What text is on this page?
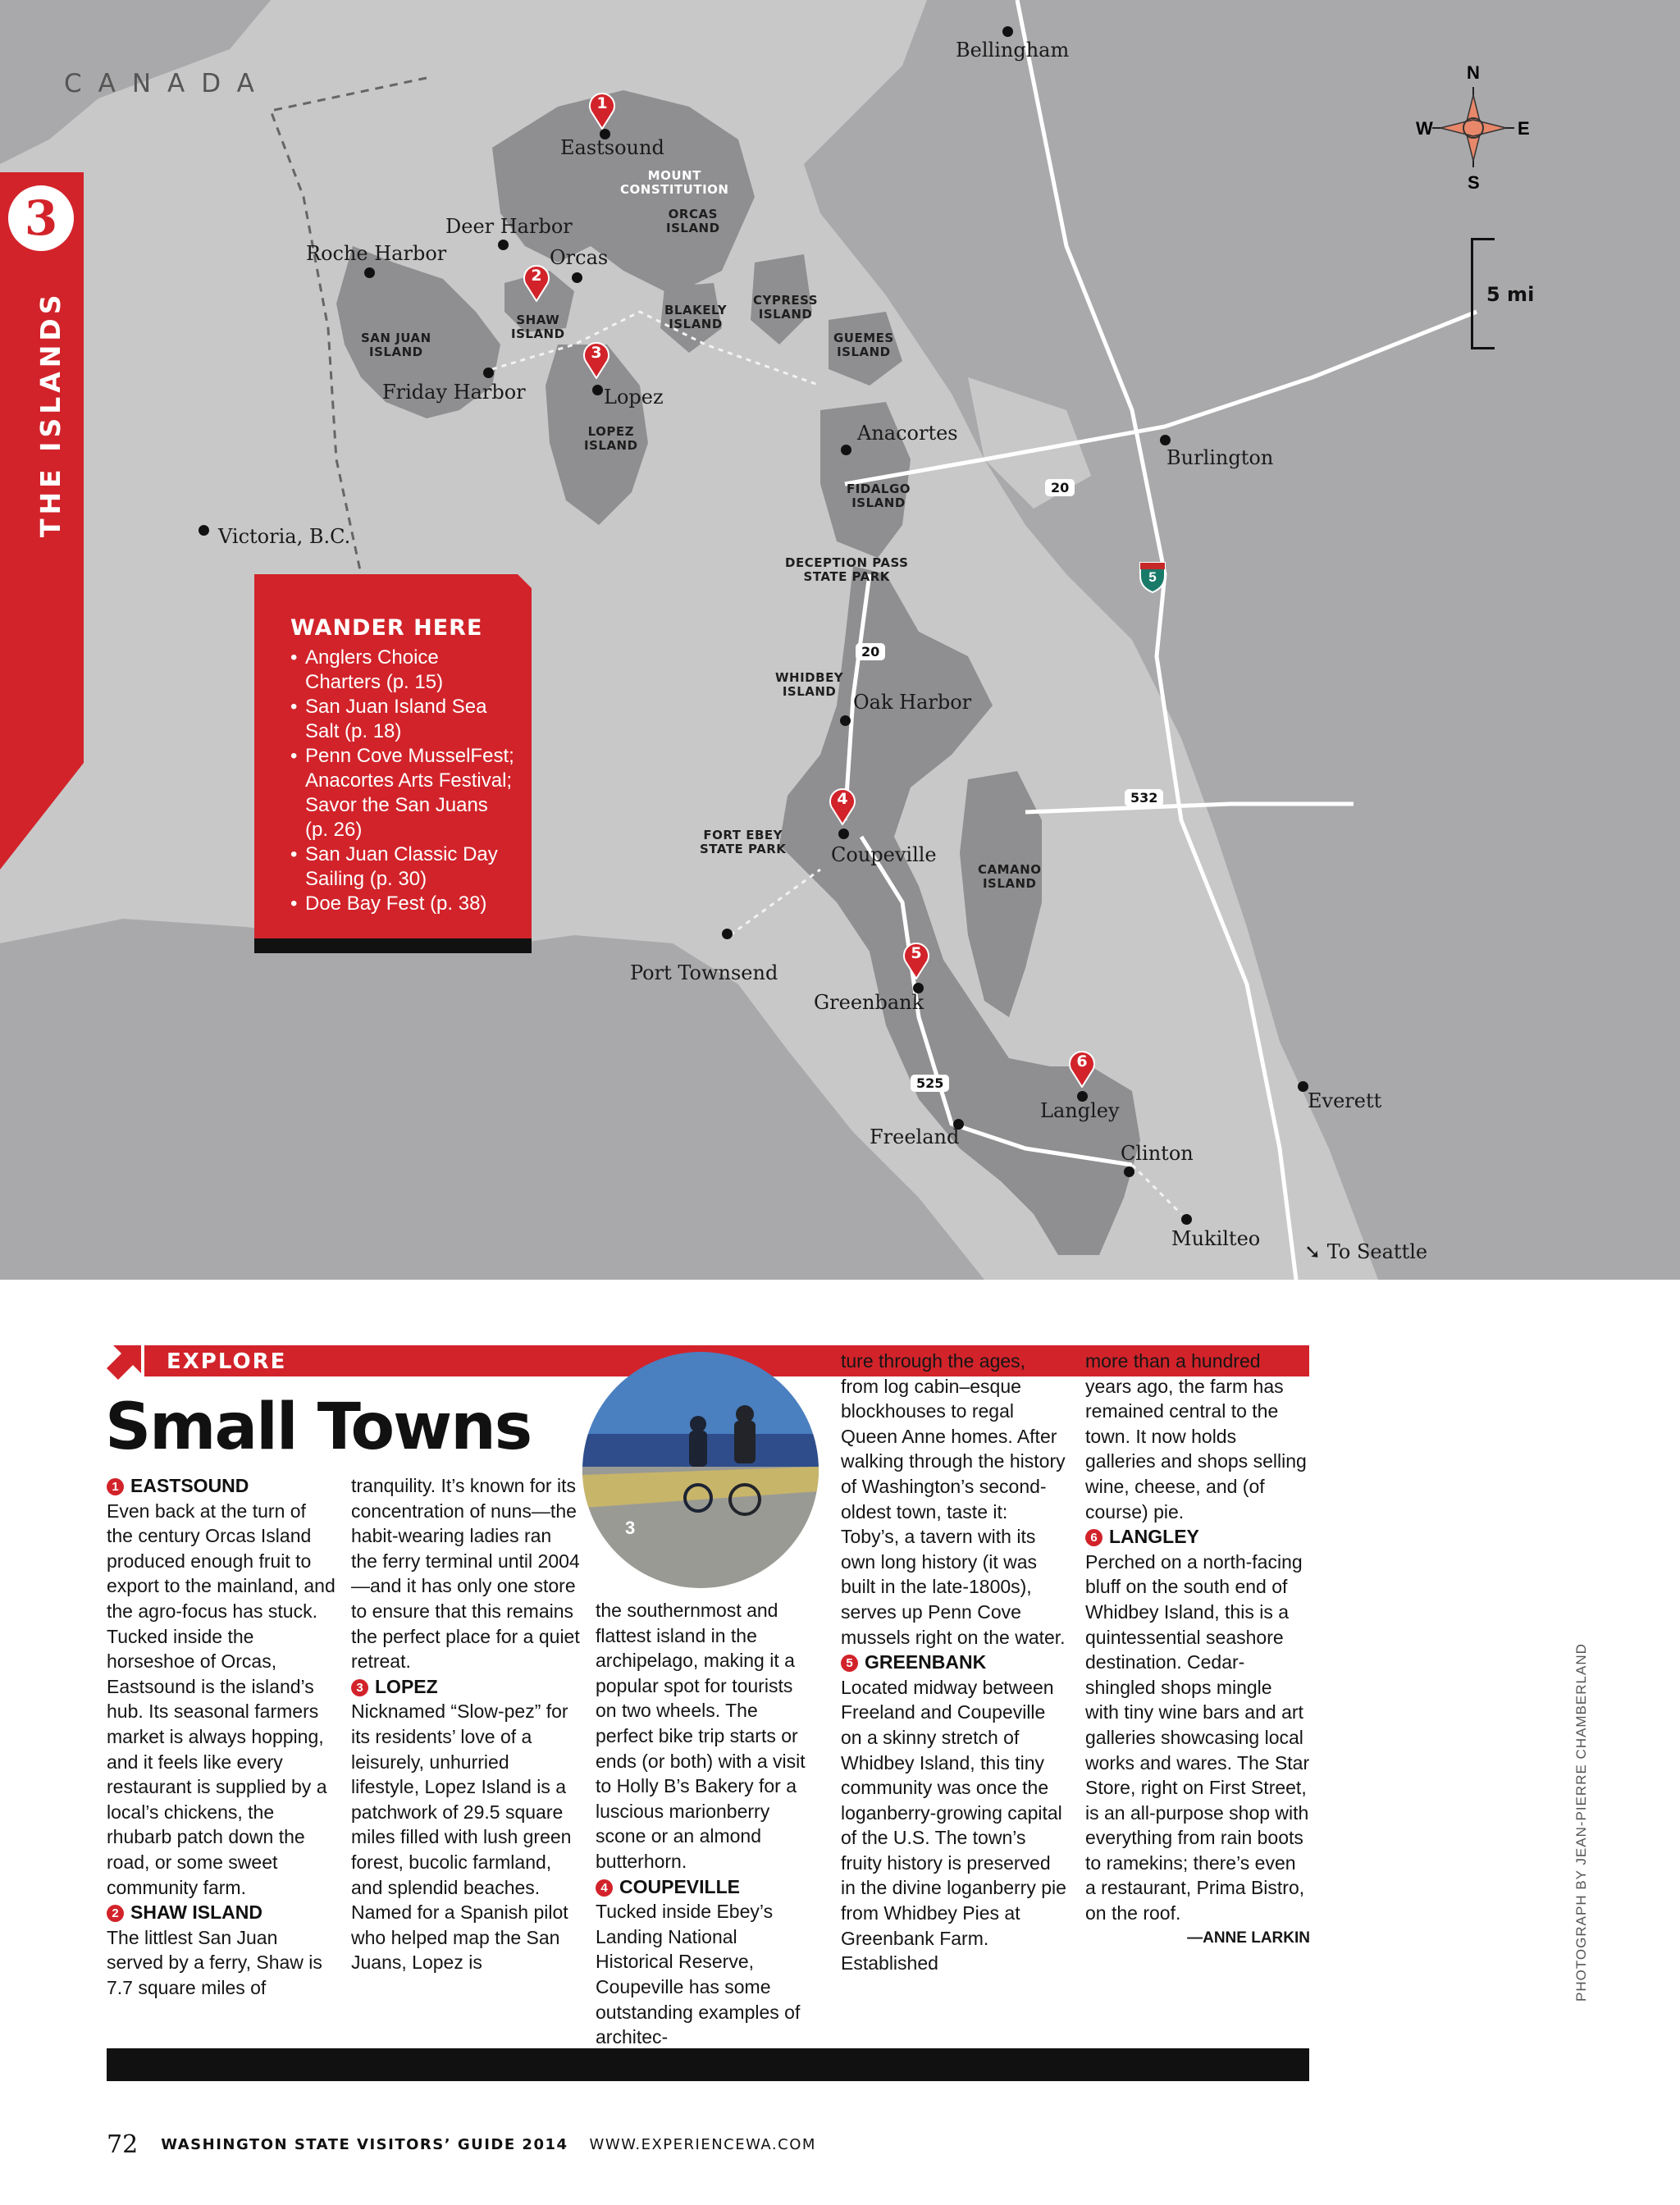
CANADA	N
S
W	E
5 mi
Bellingham
Eastsound
MOUNT
CONSTITUTION
ORCAS
ISLAND
Deer Harbor
Orcas
Roche Harbor
SHAW
ISLAND
SAN JUAN
ISLAND
BLAKELY
ISLAND
CYPRESS
ISLAND
GUEMES
ISLAND
Friday Harbor	Lopez
LOPEZ
ISLAND
Anacortes
Burlington
FIDALGO
ISLAND
Victoria, B.C.
DECEPTION PASS
STATE PARK
WHIDBEY
ISLAND Oak Harbor
FORT EBEY
STATE PARK Coupeville
CAMANO
ISLAND
Port Townsend
Greenbank
Langley	Everett
Freeland
Clinton
Mukilteo
➘ To Seattle
20
20
532
525
5
1
2
3
4
5
6
3
WANDER HERE
• Anglers Choice Charters (p. 15)
• San Juan Island Sea Salt (p. 18)
• Penn Cove MusselFest; Anacortes Arts Festival; Savor the San Juans (p. 26)
• San Juan Classic Day Sailing (p. 30)
• Doe Bay Fest (p. 38)
EXPLORE
Small Towns
3

1 EASTSOUND

Even back at the turn of the century Orcas Island produced enough fruit to export to the mainland, and the agro-focus has stuck. Tucked inside the horseshoe of Orcas, Eastsound is the island’s hub. Its seasonal farmers market is always hopping, and it feels like every restaurant is supplied by a local’s chickens, the rhubarb patch down the road, or some sweet community farm.

2 SHAW ISLAND

The littlest San Juan served by a ferry, Shaw is 7.7 square miles of

tranquility. It’s known for its concentration of nuns—the habit-wearing ladies ran the ferry terminal until 2004—and it has only one store to ensure that this remains the perfect place for a quiet retreat.

3 LOPEZ

Nicknamed “Slow-pez” for its residents’ love of a leisurely, unhurried lifestyle, Lopez Island is a patchwork of 29.5 square miles filled with lush green forest, bucolic farmland, and splendid beaches. Named for a Spanish pilot who helped map the San Juans, Lopez is

the southernmost and flattest island in the archipelago, making it a popular spot for tourists on two wheels. The perfect bike trip starts or ends (or both) with a visit to Holly B’s Bakery for a luscious marionberry scone or an almond butterhorn.

4 COUPEVILLE

Tucked inside Ebey’s Landing National Historical Reserve, Coupeville has some outstanding examples of architec-

ture through the ages, from log cabin–esque blockhouses to regal Queen Anne homes. After walking through the history of Washington’s second-oldest town, taste it: Toby’s, a tavern with its own long history (it was built in the late-1800s), serves up Penn Cove mussels right on the water.

5 GREENBANK

Located midway between Freeland and Coupeville on a skinny stretch of Whidbey Island, this tiny community was once the loganberry-growing capital of the U.S. The town’s fruity history is preserved in the divine loganberry pie from Whidbey Pies at Greenbank Farm. Established

more than a hundred years ago, the farm has remained central to the town. It now holds galleries and shops selling wine, cheese, and (of course) pie.

6 LANGLEY

Perched on a north-facing bluff on the south end of Whidbey Island, this is a quintessential seashore destination. Cedar-shingled shops mingle with tiny wine bars and art galleries showcasing local works and wares. The Star Store, right on First Street, is an all-purpose shop with everything from rain boots to ramekins; there’s even a restaurant, Prima Bistro, on the roof.

—ANNE LARKIN	PHOTOGRAPH BY JEAN-PIERRE CHAMBERLAND
72 WASHINGTON STATE VISITORS’ GUIDE 2014 WWW.EXPERIENCEWA.COM
